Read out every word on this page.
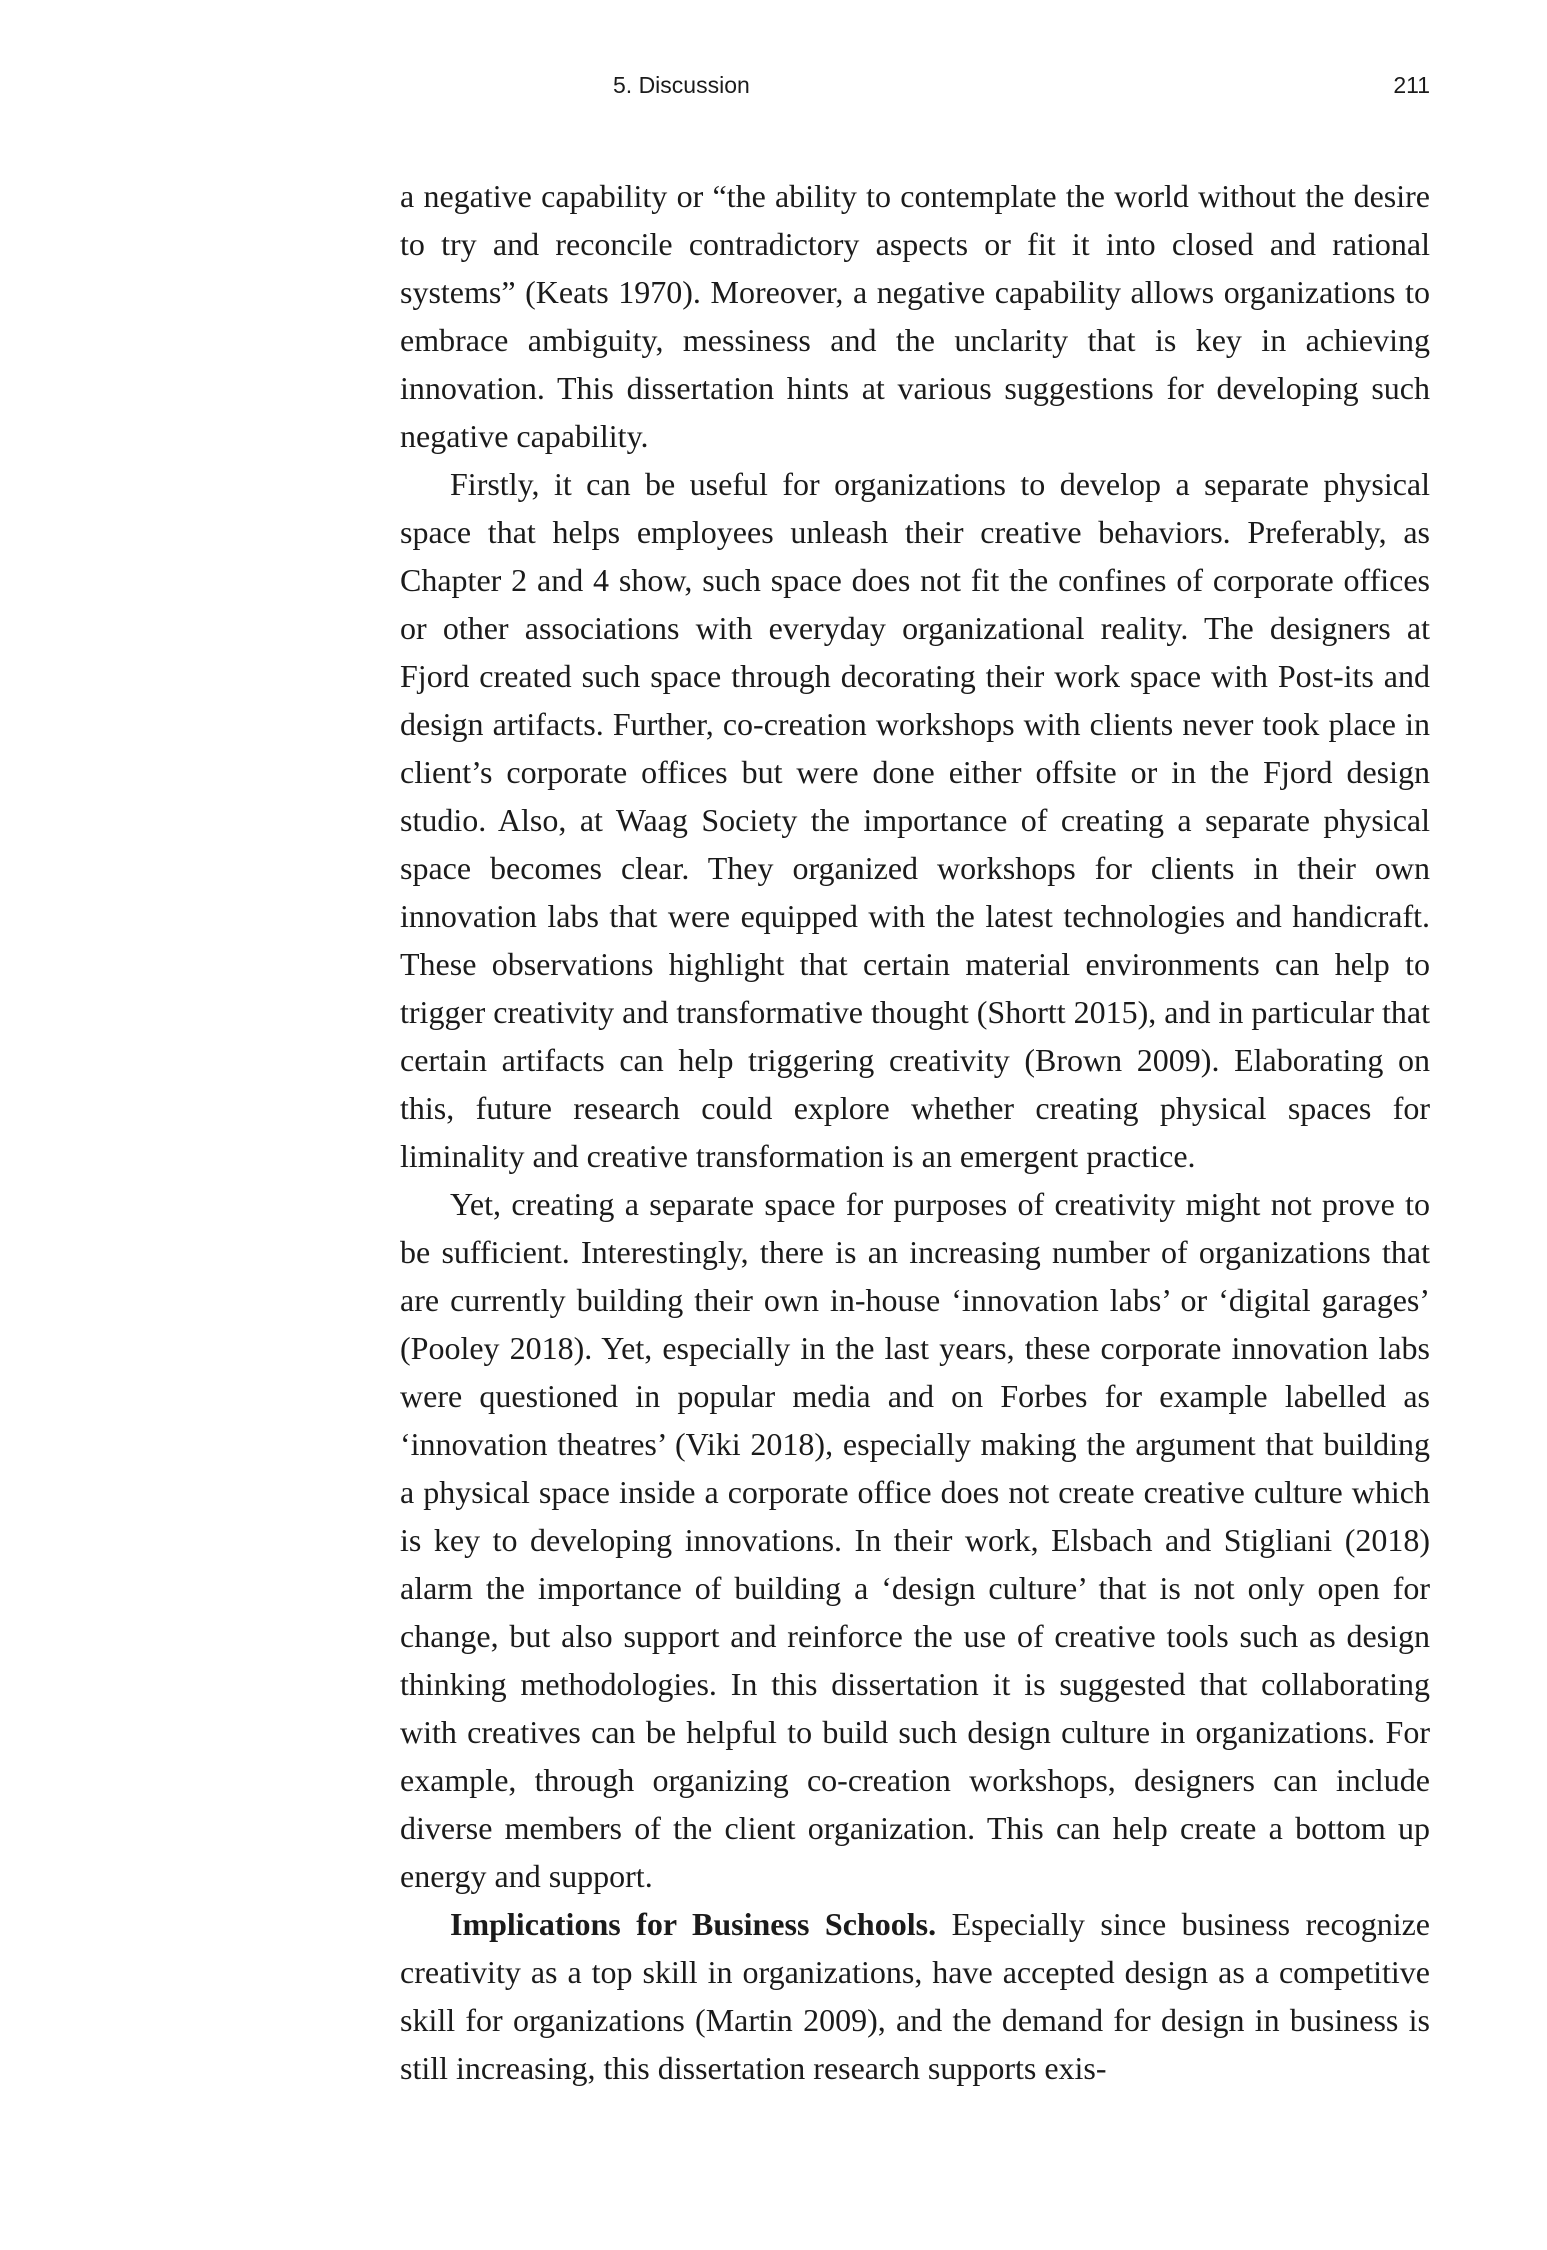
5. Discussion	211

a negative capability or “the ability to contemplate the world without the desire to try and reconcile contradictory aspects or fit it into closed and rational systems” (Keats 1970). Moreover, a negative capability allows organizations to embrace ambiguity, messiness and the unclarity that is key in achieving innovation. This dissertation hints at various suggestions for developing such negative capability.

Firstly, it can be useful for organizations to develop a separate physical space that helps employees unleash their creative behaviors. Preferably, as Chapter 2 and 4 show, such space does not fit the confines of corporate offices or other associations with everyday organizational reality. The designers at Fjord created such space through decorating their work space with Post-its and design artifacts. Further, co-creation workshops with clients never took place in client’s corporate offices but were done either offsite or in the Fjord design studio. Also, at Waag Society the importance of creating a separate physical space becomes clear. They organized workshops for clients in their own innovation labs that were equipped with the latest technologies and handicraft. These observations highlight that certain material environments can help to trigger creativity and transformative thought (Shortt 2015), and in particular that certain artifacts can help triggering creativity (Brown 2009). Elaborating on this, future research could explore whether creating physical spaces for liminality and creative transformation is an emergent practice.

Yet, creating a separate space for purposes of creativity might not prove to be sufficient. Interestingly, there is an increasing number of organizations that are currently building their own in-house ‘innovation labs’ or ‘digital garages’ (Pooley 2018). Yet, especially in the last years, these corporate innovation labs were questioned in popular media and on Forbes for example labelled as ‘innovation theatres’ (Viki 2018), especially making the argument that building a physical space inside a corporate office does not create creative culture which is key to developing innovations. In their work, Elsbach and Stigliani (2018) alarm the importance of building a ‘design culture’ that is not only open for change, but also support and reinforce the use of creative tools such as design thinking methodologies. In this dissertation it is suggested that collaborating with creatives can be helpful to build such design culture in organizations. For example, through organizing co-creation workshops, designers can include diverse members of the client organization. This can help create a bottom up energy and support.

Implications for Business Schools. Especially since business recognize creativity as a top skill in organizations, have accepted design as a competitive skill for organizations (Martin 2009), and the demand for design in business is still increasing, this dissertation research supports exis-
